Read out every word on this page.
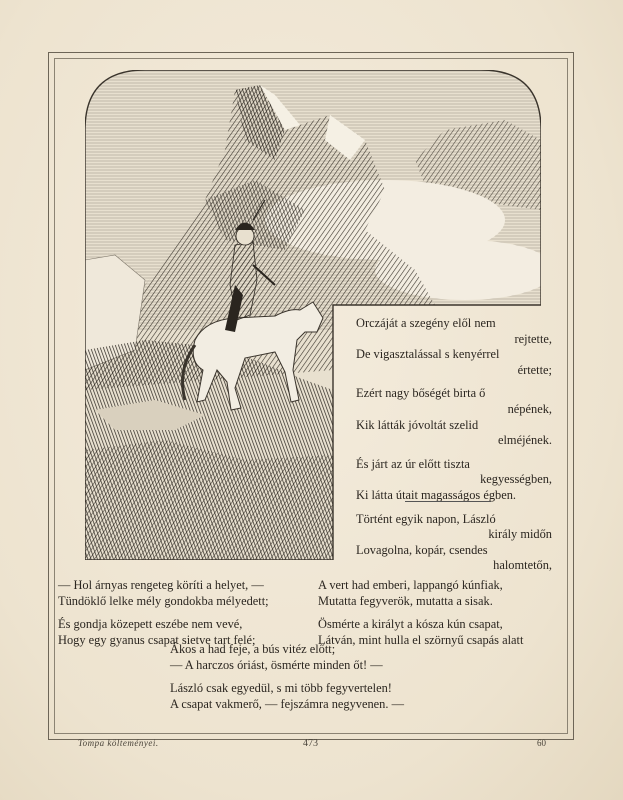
Orczáját a szegény elől nem
rejtette,
De vigasztalással s kenyérrel
értette;
Ezért nagy bőségét birta ő
népének,
Kik látták jóvoltát szelid
elméjének.
És járt az úr előtt tiszta
kegyességben,
Ki látta útait magasságos égben.
Történt egyik napon, László
király midőn
Lovagolna, kopár, csendes
halomtetőn,
— Hol árnyas rengeteg köríti a helyet, —
Tündöklő lelke mély gondokba mélyedett;
És gondja közepett eszébe nem vevé,
Hogy egy gyanus csapat sietve tart felé;
A vert had emberi, lappangó kúnfiak,
Mutatta fegyverök, mutatta a sisak.
Ösmérte a királyt a kósza kún csapat,
Látván, mint hulla el szörnyű csapás alatt
Ákos a had feje, a bús vitéz előtt;
— A harczos óriást, ösmérte minden őt! —
László csak egyedül, s mi több fegyvertelen!
A csapat vakmerő, — fejszámra negyvenen. —
Tompa költeményei.	473	60
